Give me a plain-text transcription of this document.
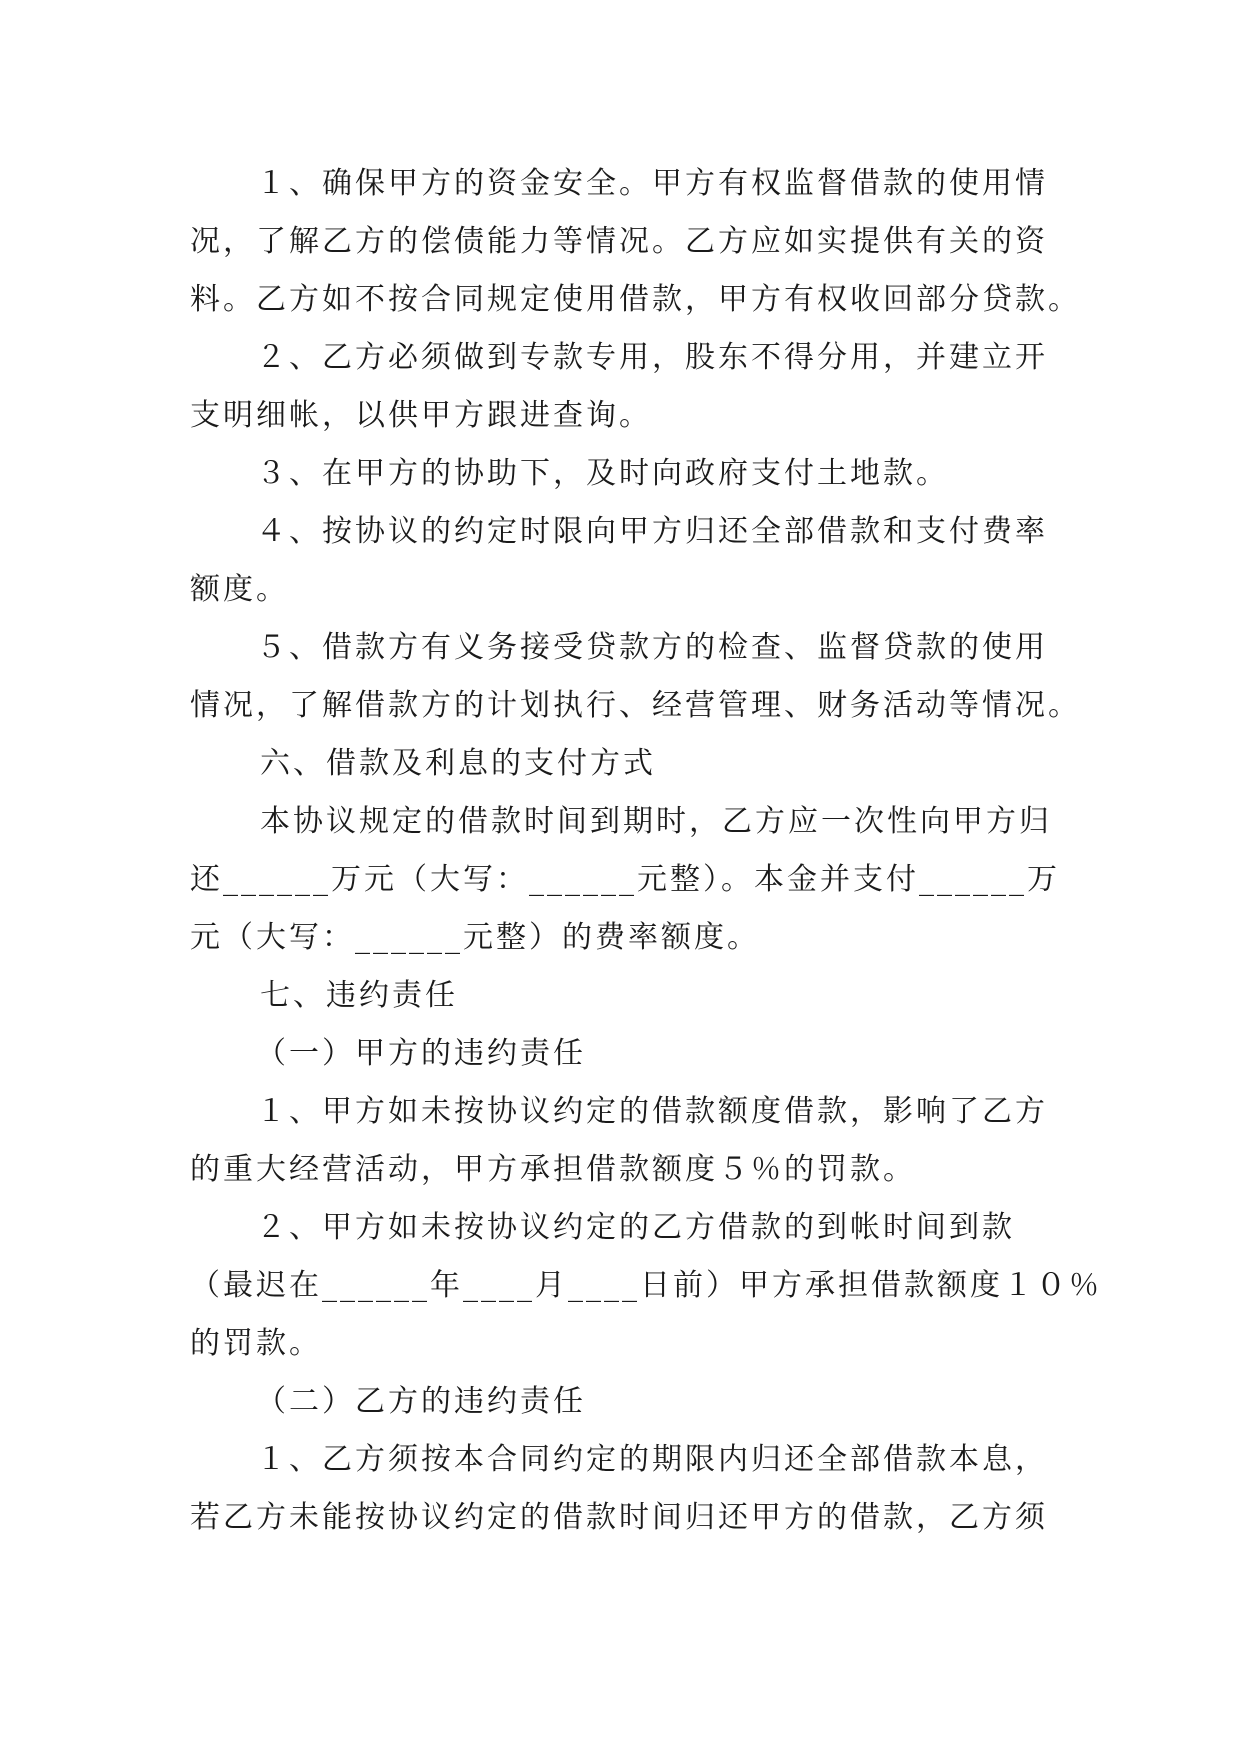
１、确保甲方的资金安全。甲方有权监督借款的使用情
况，了解乙方的偿债能力等情况。乙方应如实提供有关的资
料。乙方如不按合同规定使用借款，甲方有权收回部分贷款。
２、乙方必须做到专款专用，股东不得分用，并建立开
支明细帐，以供甲方跟进查询。
３、在甲方的协助下，及时向政府支付土地款。
４、按协议的约定时限向甲方归还全部借款和支付费率
额度。
５、借款方有义务接受贷款方的检查、监督贷款的使用
情况，了解借款方的计划执行、经营管理、财务活动等情况。
六、借款及利息的支付方式
本协议规定的借款时间到期时，乙方应一次性向甲方归
还______万元（大写：______元整）。本金并支付______万
元（大写：______元整）的费率额度。
七、违约责任
（一）甲方的违约责任
１、甲方如未按协议约定的借款额度借款，影响了乙方
的重大经营活动，甲方承担借款额度５％的罚款。
２、甲方如未按协议约定的乙方借款的到帐时间到款
（最迟在______年____月____日前）甲方承担借款额度１０％
的罚款。
（二）乙方的违约责任
１、乙方须按本合同约定的期限内归还全部借款本息，
若乙方未能按协议约定的借款时间归还甲方的借款，乙方须
